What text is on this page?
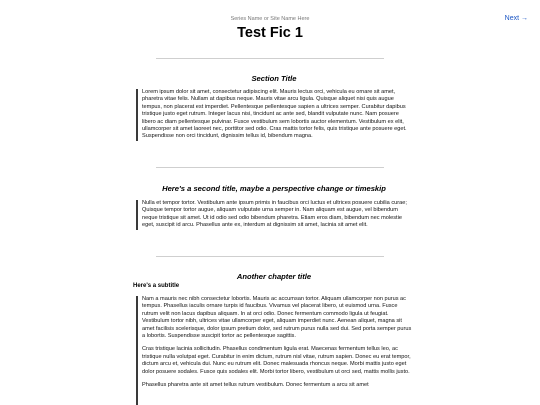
Series Name or Site Name Here	Next →
Test Fic 1
Section Title

Lorem ipsum dolor sit amet, consectetur adipiscing elit. Mauris lectus orci, vehicula eu ornare sit amet, pharetra vitae felis. Nullam at dapibus neque. Mauris vitae arcu ligula. Quisque aliquet nisi quis augue tempus, non placerat est imperdiet. Pellentesque pellentesque sapien a ultrices semper. Curabitur dapibus tristique justo eget rutrum. Integer lacus nisi, tincidunt ac ante sed, blandit vulputate nunc. Nam posuere libero ac diam pellentesque pulvinar. Fusce vestibulum sem lobortis auctor elementum. Vestibulum ex elit, ullamcorper sit amet laoreet nec, porttitor sed odio. Cras mattis tortor felis, quis tristique ante posuere eget. Suspendisse non orci tincidunt, dignissim tellus id, bibendum magna.

Here's a second title, maybe a perspective change or timeskip

Nulla et tempor tortor. Vestibulum ante ipsum primis in faucibus orci luctus et ultrices posuere cubilia curae; Quisque tempor tortor augue, aliquam vulputate urna semper in. Nam aliquam est augue, vel bibendum neque tristique sit amet. Ut id odio sed odio bibendum pharetra. Etiam eros diam, bibendum nec molestie eget, suscipit id arcu. Phasellus ante ex, interdum at dignissim sit amet, lacinia sit amet elit.

Another chapter title
Here's a subtitle

Nam a mauris nec nibh consectetur lobortis. Mauris ac accumsan tortor. Aliquam ullamcorper non purus ac tempus. Phasellus iaculis ornare turpis id faucibus. Vivamus vel placerat libero, ut euismod urna. Fusce rutrum velit non lacus dapibus aliquam. In at orci odio. Donec fermentum commodo ligula ut feugiat. Vestibulum tortor nibh, ultrices vitae ullamcorper eget, aliquam imperdiet nunc. Aenean aliquet, magna sit amet facilisis scelerisque, dolor ipsum pretium dolor, sed rutrum purus nulla sed dui. Sed porta semper purus a lobortis. Suspendisse suscipit tortor ac pellentesque sagittis.

Cras tristique lacinia sollicitudin. Phasellus condimentum ligula erat. Maecenas fermentum tellus leo, ac tristique nulla volutpat eget. Curabitur in enim dictum, rutrum nisl vitae, rutrum sapien. Donec eu erat tempor, dictum arcu et, vehicula dui. Nunc eu rutrum elit. Donec malesuada rhoncus neque. Morbi mattis justo eget dolor posuere sodales. Fusce quis sodales elit. Morbi tortor libero, vestibulum ut orci sed, mattis mollis justo.

Phasellus pharetra ante sit amet tellus rutrum vestibulum. Donec fermentum a arcu sit amet
